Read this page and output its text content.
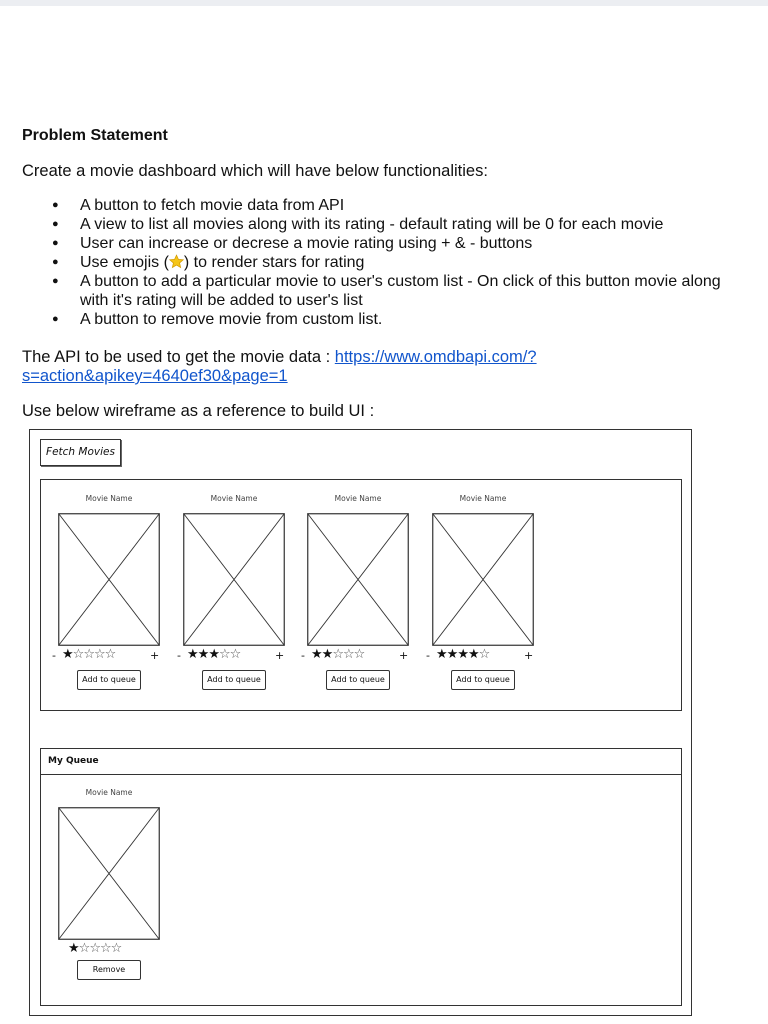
Problem Statement
Create a movie dashboard which will have below functionalities:
● A button to fetch movie data from API
● A view to list all movies along with its rating - default rating will be 0 for each movie
● User can increase or decrese a movie rating using + & - buttons
● Use emojis ( ) to render stars for rating
● A button to add a particular movie to user's custom list - On click of this button movie along with it's rating will be added to user's list
● A button to remove movie from custom list.
The API to be used to get the movie data : https://www.omdbapi.com/?s=action&apikey=4640ef30&page=1
Use below wireframe as a reference to build UI :
Fetch Movies
My Queue
Movie Name
- ★☆☆☆☆	+
Add to queue
Movie Name
- ★★★☆☆	+
Add to queue
Movie Name
- ★★☆☆☆	+
Add to queue
Movie Name
- ★★★★☆	+
Add to queue
Movie Name
★☆☆☆☆
Remove
